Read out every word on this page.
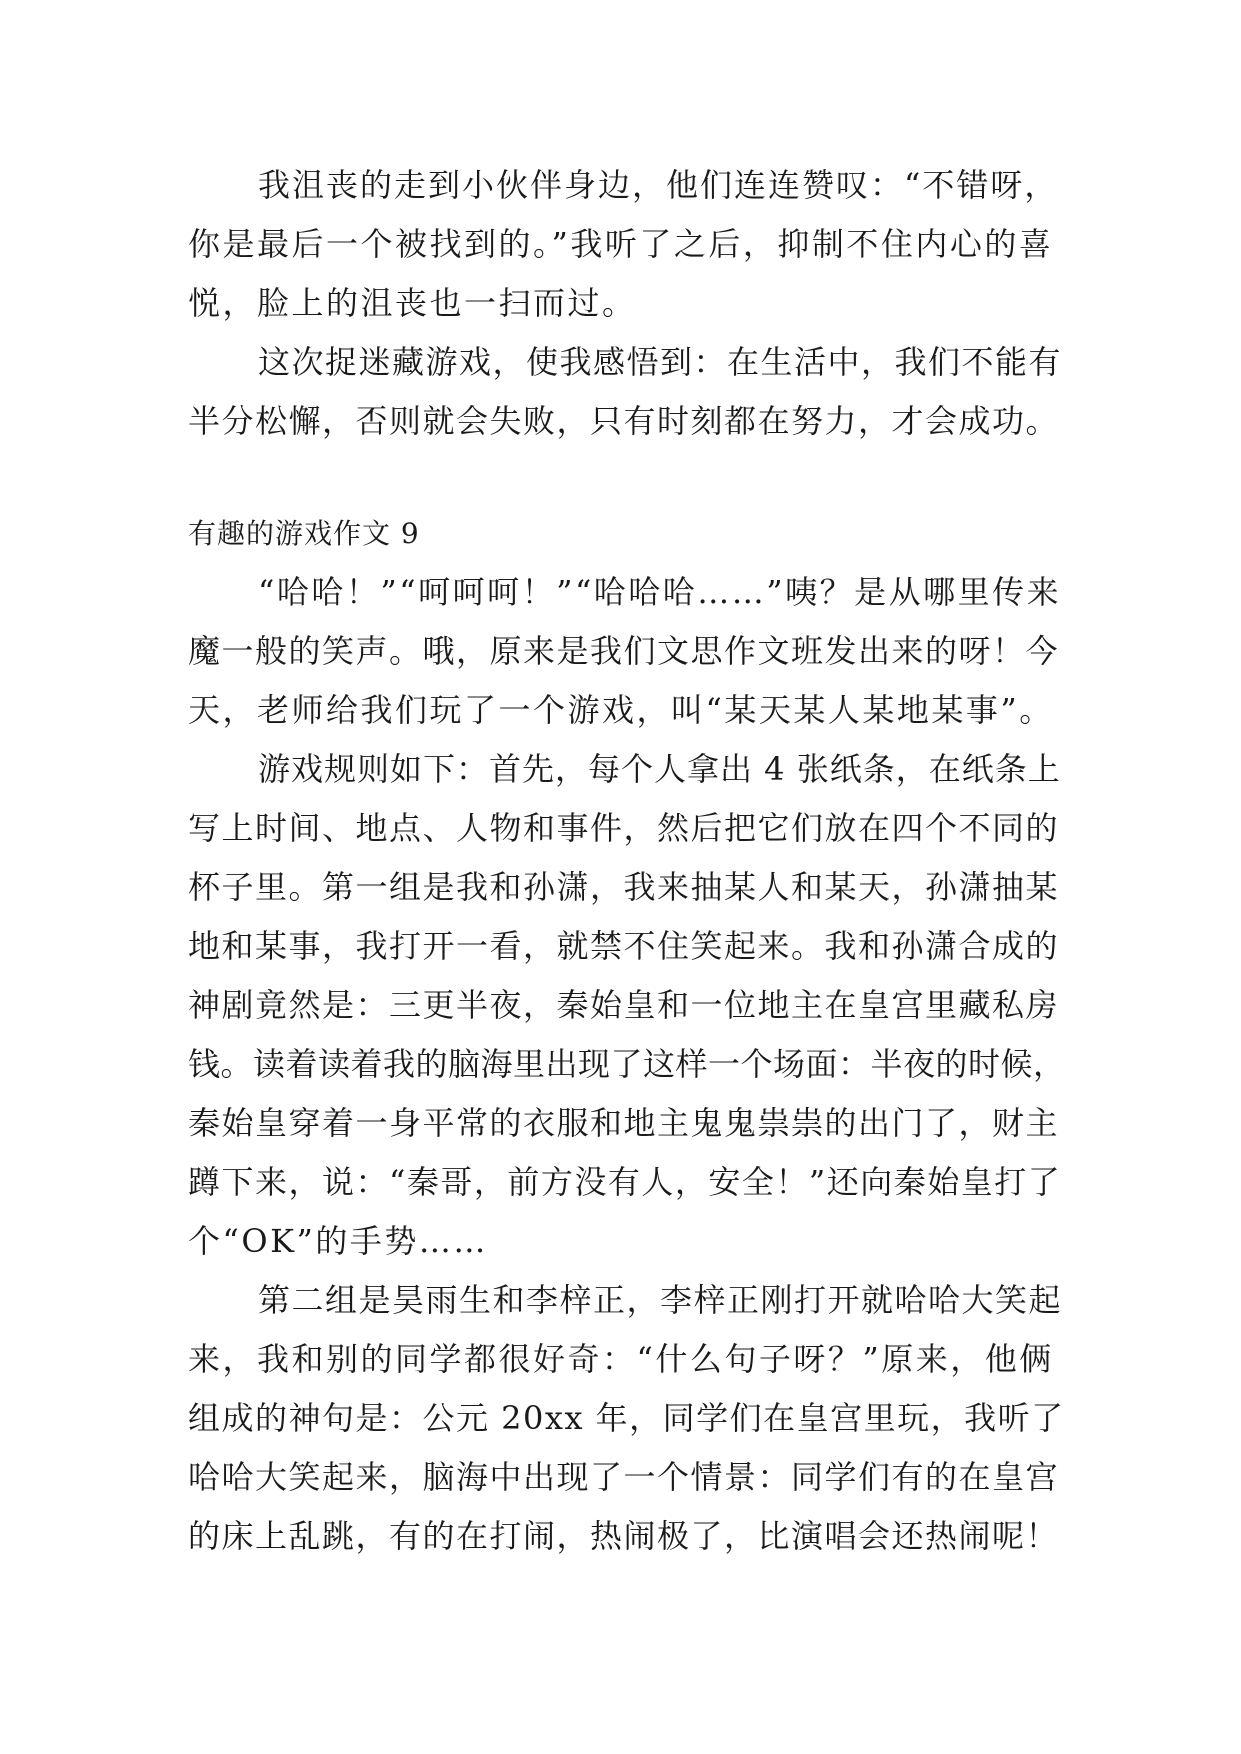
我沮丧的走到小伙伴身边，他们连连赞叹：“不错呀，
你是最后一个被找到的。”我听了之后，抑制不住内心的喜
悦，脸上的沮丧也一扫而过。
这次捉迷藏游戏，使我感悟到：在生活中，我们不能有
半分松懈，否则就会失败，只有时刻都在努力，才会成功。
有趣的游戏作文 9
“哈哈！”“呵呵呵！”“哈哈哈……”咦？是从哪里传来
魔一般的笑声。哦，原来是我们文思作文班发出来的呀！今
天，老师给我们玩了一个游戏，叫“某天某人某地某事”。
游戏规则如下：首先，每个人拿出 4 张纸条，在纸条上
写上时间、地点、人物和事件，然后把它们放在四个不同的
杯子里。第一组是我和孙潇，我来抽某人和某天，孙潇抽某
地和某事，我打开一看，就禁不住笑起来。我和孙潇合成的
神剧竟然是：三更半夜，秦始皇和一位地主在皇宫里藏私房
钱。读着读着我的脑海里出现了这样一个场面：半夜的时候，
秦始皇穿着一身平常的衣服和地主鬼鬼祟祟的出门了，财主
蹲下来，说：“秦哥，前方没有人，安全！”还向秦始皇打了
个“OK”的手势……
第二组是昊雨生和李梓正，李梓正刚打开就哈哈大笑起
来，我和别的同学都很好奇：“什么句子呀？”原来，他俩
组成的神句是：公元 20xx 年，同学们在皇宫里玩，我听了
哈哈大笑起来，脑海中出现了一个情景：同学们有的在皇宫
的床上乱跳，有的在打闹，热闹极了，比演唱会还热闹呢！
